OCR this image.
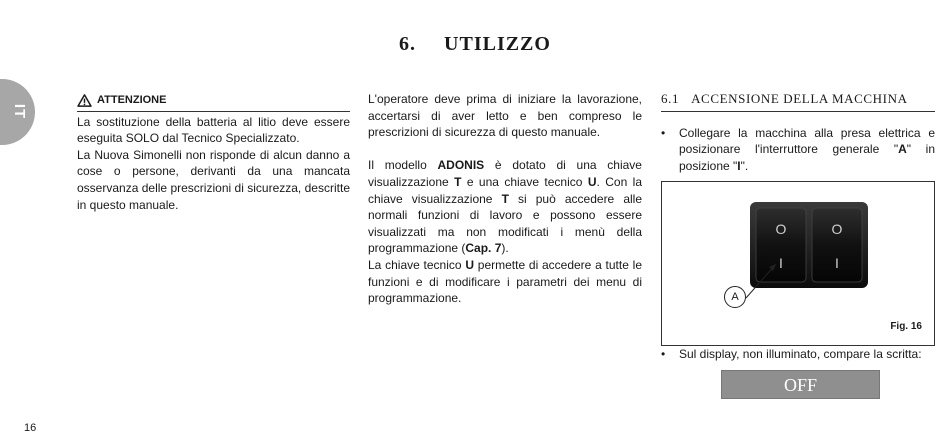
IT
6. UTILIZZO
ATTENZIONE

La sostituzione della batteria al litio deve essere eseguita SOLO dal Tecnico Specializzato.

La Nuova Simonelli non risponde di alcun danno a cose o persone, derivanti da una mancata osservanza delle prescrizioni di sicurezza, descritte in questo manuale.

L'operatore deve prima di iniziare la lavorazione, accertarsi di aver letto e ben compreso le prescrizioni di sicurezza di questo manuale.

Il modello ADONIS è dotato di una chiave visualizzazione T e una chiave tecnico U. Con la chiave visualizzazione T si può accedere alle normali funzioni di lavoro e possono essere visualizzati ma non modificati i menù della programmazione (Cap. 7).

La chiave tecnico U permette di accedere a tutte le funzioni e di modificare i parametri dei menu di programmazione.

6.1 ACCENSIONE DELLA MACCHINA

• Collegare la macchina alla presa elettrica e posizionare l'interruttore generale "A" in posizione "I".

O	O
I	I
A
Fig. 16

• Sul display, non illuminato, compare la scritta:

OFF
16
